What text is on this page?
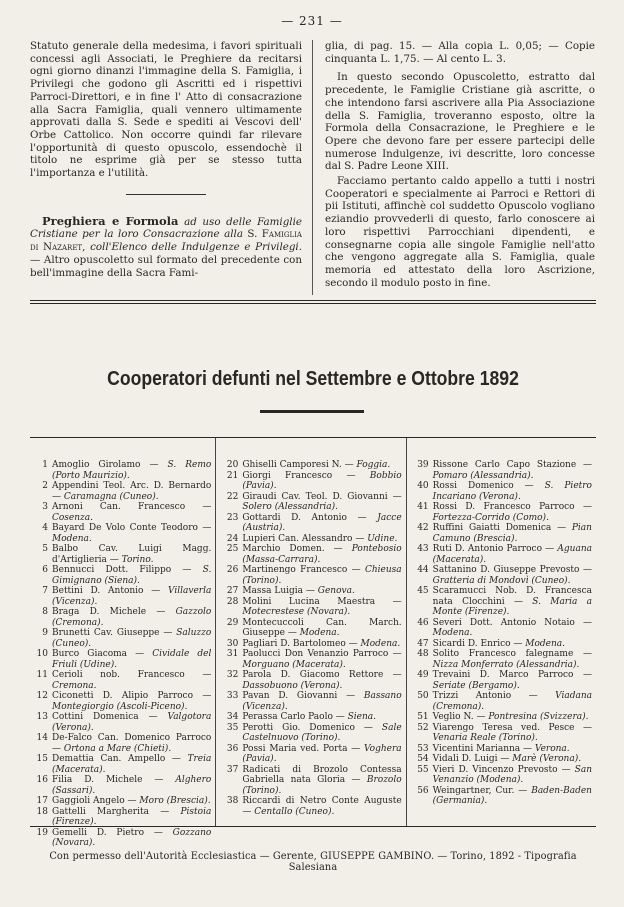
— 231 —

Statuto generale della medesima, i favori spirituali concessi agli Associati, le Preghiere da recitarsi ogni giorno dinanzi l'immagine della S. Famiglia, i Privilegi che godono gli Ascritti ed i rispettivi Parroci-Direttori, e in fine l' Atto di consacrazione alla Sacra Famiglia, quali vennero ultimamente approvati dalla S. Sede e spediti ai Vescovi dell' Orbe Cattolico. Non occorre quindi far rilevare l'opportunità di questo opuscolo, essendochè il titolo ne esprime già per se stesso tutta l'importanza e l'utilità.

Preghiera e Formola ad uso delle Famiglie Cristiane per la loro Consacrazione alla S. Famiglia di Nazaret, coll'Elenco delle Indulgenze e Privilegi. — Altro opuscoletto sul formato del precedente con bell'immagine della Sacra Fami-

glia, di pag. 15. — Alla copia L. 0,05; — Copie cinquanta L. 1,75. — Al cento L. 3.

In questo secondo Opuscoletto, estratto dal precedente, le Famiglie Cristiane già ascritte, o che intendono farsi ascrivere alla Pia Associazione della S. Famiglia, troveranno esposto, oltre la Formola della Consacrazione, le Preghiere e le Opere che devono fare per essere partecipi delle numerose Indulgenze, ivi descritte, loro concesse dal S. Padre Leone XIII.

Facciamo pertanto caldo appello a tutti i nostri Cooperatori e specialmente ai Parroci e Rettori di pii Istituti, affinchè col suddetto Opuscolo vogliano eziandio provvederli di questo, farlo conoscere ai loro rispettivi Parrocchiani dipendenti, e consegnarne copia alle singole Famiglie nell'atto che vengono aggregate alla S. Famiglia, quale memoria ed attestato della loro Ascrizione, secondo il modulo posto in fine.

Cooperatori defunti nel Settembre e Ottobre 1892
1 Amoglio Girolamo — S. Remo (Porto Maurizio).
2 Appendini Teol. Arc. D. Bernardo — Caramagna (Cuneo).
3 Arnoni Can. Francesco — Cosenza.
4 Bayard De Volo Conte Teodoro — Modena.
5 Balbo Cav. Luigi Magg. d'Artiglieria — Torino.
6 Bennucci Dott. Filippo — S. Gimignano (Siena).
7 Bettini D. Antonio — Villaverla (Vicenza).
8 Braga D. Michele — Gazzolo (Cremona).
9 Brunetti Cav. Giuseppe — Saluzzo (Cuneo).
10 Burco Giacoma — Cividale del Friuli (Udine).
11 Cerioli nob. Francesco — Cremona.
12 Ciconetti D. Alipio Parroco — Montegiorgio (Ascoli-Piceno).
13 Cottini Domenica — Valgotora (Verona).
14 De-Falco Can. Domenico Parroco — Ortona a Mare (Chieti).
15 Demattia Can. Ampello — Treia (Macerata).
16 Filia D. Michele — Alghero (Sassari).
17 Gaggioli Angelo — Moro (Brescia).
18 Gattelli Margherita — Pistoia (Firenze).
19 Gemelli D. Pietro — Gozzano (Novara).
20 Ghiselli Camporesi N. — Foggia.
21 Giorgi Francesco — Bobbio (Pavia).
22 Giraudi Cav. Teol. D. Giovanni — Solero (Alessandria).
23 Gottardi D. Antonio — Jacce (Austria).
24 Lupieri Can. Alessandro — Udine.
25 Marchio Domen. — Pontebosio (Massa-Carrara).
26 Martinengo Francesco — Chieusa (Torino).
27 Massa Luigia — Genova.
28 Molini Lucina Maestra — Motecrestese (Novara).
29 Montecuccoli Can. March. Giuseppe — Modena.
30 Pagliari D. Bartolomeo — Modena.
31 Paolucci Don Venanzio Parroco — Morguano (Macerata).
32 Parola D. Giacomo Rettore — Dassobuono (Verona).
33 Pavan D. Giovanni — Bassano (Vicenza).
34 Perassa Carlo Paolo — Siena.
35 Perotti Gio. Domenico — Sale Castelnuovo (Torino).
36 Possi Maria ved. Porta — Voghera (Pavia).
37 Radicati di Brozolo Contessa Gabriella nata Gloria — Brozolo (Torino).
38 Riccardi di Netro Conte Auguste — Centallo (Cuneo).
39 Rissone Carlo Capo Stazione — Pomaro (Alessandria).
40 Rossi Domenico — S. Pietro Incariano (Verona).
41 Rossi D. Francesco Parroco — Fortezza-Corrido (Como).
42 Ruffini Gaiatti Domenica — Pian Camuno (Brescia).
43 Ruti D. Antonio Parroco — Aguana (Macerata).
44 Sattanino D. Giuseppe Prevosto — Gratteria di Mondovì (Cuneo).
45 Scaramucci Nob. D. Francesca nata Clocchini — S. Maria a Monte (Firenze).
46 Severi Dott. Antonio Notaio — Modena.
47 Sicardi D. Enrico — Modena.
48 Solito Francesco falegname — Nizza Monferrato (Alessandria).
49 Trevaini D. Marco Parroco — Seriate (Bergamo).
50 Trizzi Antonio — Viadana (Cremona).
51 Veglio N. — Pontresina (Svizzera).
52 Viarengo Teresa ved. Pesce — Venaria Reale (Torino).
53 Vicentini Marianna — Verona.
54 Vidali D. Luigi — Marè (Verona).
55 Vieri D. Vincenzo Prevosto — San Venanzio (Modena).
56 Weingartner, Cur. — Baden-Baden (Germania).
Con permesso dell'Autorità Ecclesiastica — Gerente, GIUSEPPE GAMBINO. — Torino, 1892 - Tipografia Salesiana
